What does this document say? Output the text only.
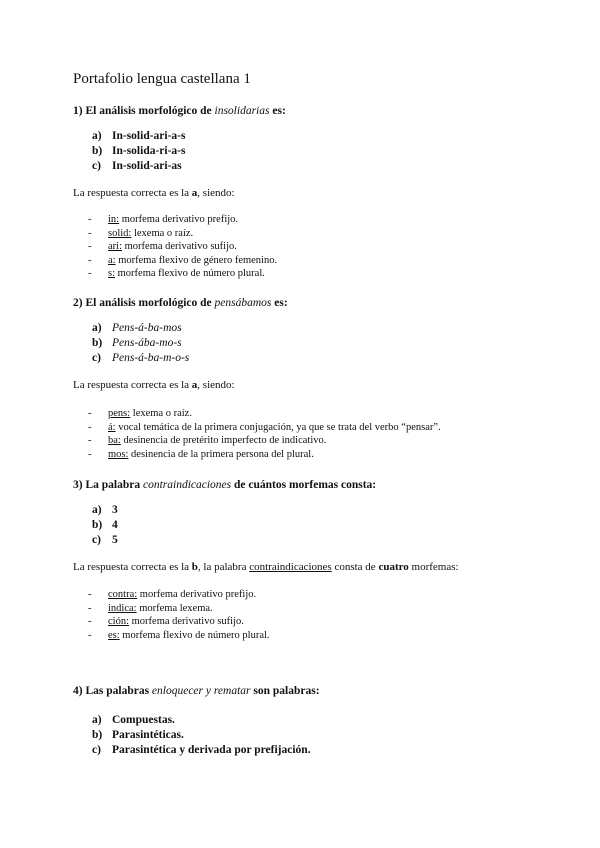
Portafolio lengua castellana 1
1) El análisis morfológico de insolidarias es:
a) In-solid-ari-a-s
b) In-solida-ri-a-s
c) In-solid-ari-as
La respuesta correcta es la a, siendo:
- in: morfema derivativo prefijo.
- solid: lexema o raíz.
- ari: morfema derivativo sufijo.
- a: morfema flexivo de género femenino.
- s: morfema flexivo de número plural.
2) El análisis morfológico de pensábamos es:
a) Pens-á-ba-mos
b) Pens-ába-mo-s
c) Pens-á-ba-m-o-s
La respuesta correcta es la a, siendo:
- pens: lexema o raíz.
- á: vocal temática de la primera conjugación, ya que se trata del verbo “pensar”.
- ba: desinencia de pretérito imperfecto de indicativo.
- mos: desinencia de la primera persona del plural.
3) La palabra contraindicaciones de cuántos morfemas consta:
a) 3
b) 4
c) 5
La respuesta correcta es la b, la palabra contraindicaciones consta de cuatro morfemas:
- contra: morfema derivativo prefijo.
- indica: morfema lexema.
- ción: morfema derivativo sufijo.
- es: morfema flexivo de número plural.
4) Las palabras enloquecer y rematar son palabras:
a) Compuestas.
b) Parasintéticas.
c) Parasintética y derivada por prefijación.
